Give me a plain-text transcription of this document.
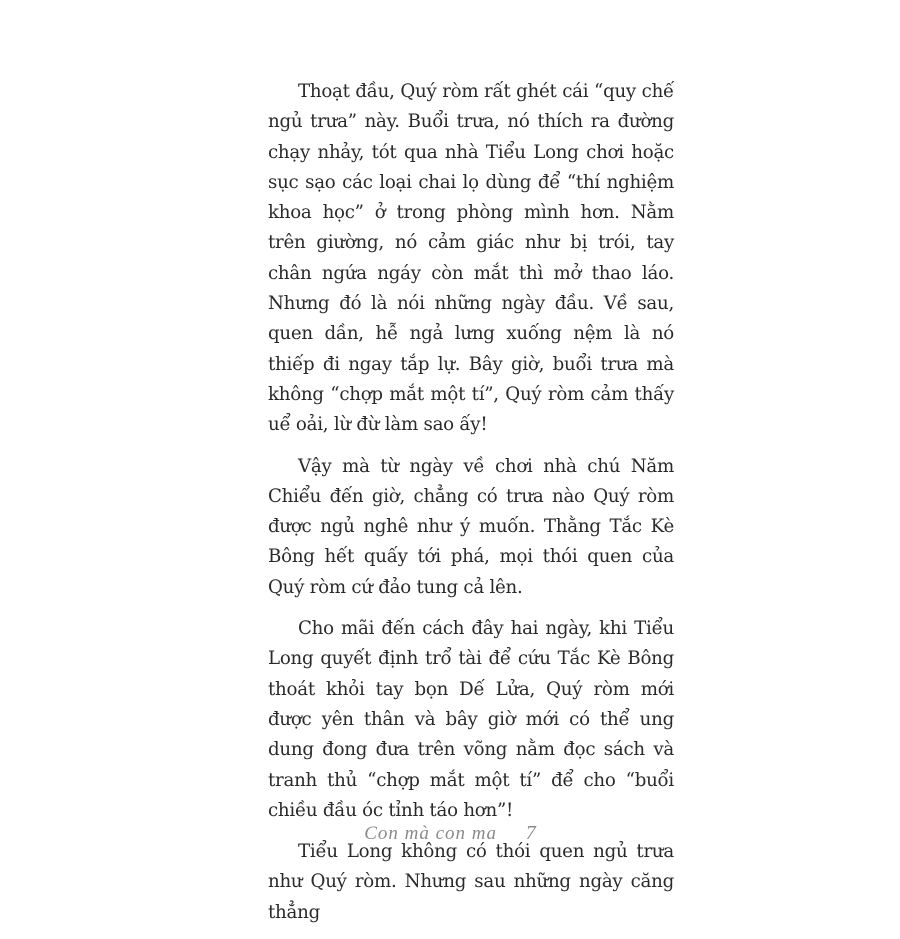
Thoạt đầu, Quý ròm rất ghét cái “quy chế ngủ trưa” này. Buổi trưa, nó thích ra đường chạy nhảy, tót qua nhà Tiểu Long chơi hoặc sục sạo các loại chai lọ dùng để “thí nghiệm khoa học” ở trong phòng mình hơn. Nằm trên giường, nó cảm giác như bị trói, tay chân ngứa ngáy còn mắt thì mở thao láo. Nhưng đó là nói những ngày đầu. Về sau, quen dần, hễ ngả lưng xuống nệm là nó thiếp đi ngay tắp lự. Bây giờ, buổi trưa mà không “chợp mắt một tí”, Quý ròm cảm thấy uể oải, lừ đừ làm sao ấy!

Vậy mà từ ngày về chơi nhà chú Năm Chiểu đến giờ, chẳng có trưa nào Quý ròm được ngủ nghê như ý muốn. Thằng Tắc Kè Bông hết quấy tới phá, mọi thói quen của Quý ròm cứ đảo tung cả lên.

Cho mãi đến cách đây hai ngày, khi Tiểu Long quyết định trổ tài để cứu Tắc Kè Bông thoát khỏi tay bọn Dế Lửa, Quý ròm mới được yên thân và bây giờ mới có thể ung dung đong đưa trên võng nằm đọc sách và tranh thủ “chợp mắt một tí” để cho “buổi chiều đầu óc tỉnh táo hơn”!

Tiểu Long không có thói quen ngủ trưa như Quý ròm. Nhưng sau những ngày căng thẳng

Con mà con ma 7
